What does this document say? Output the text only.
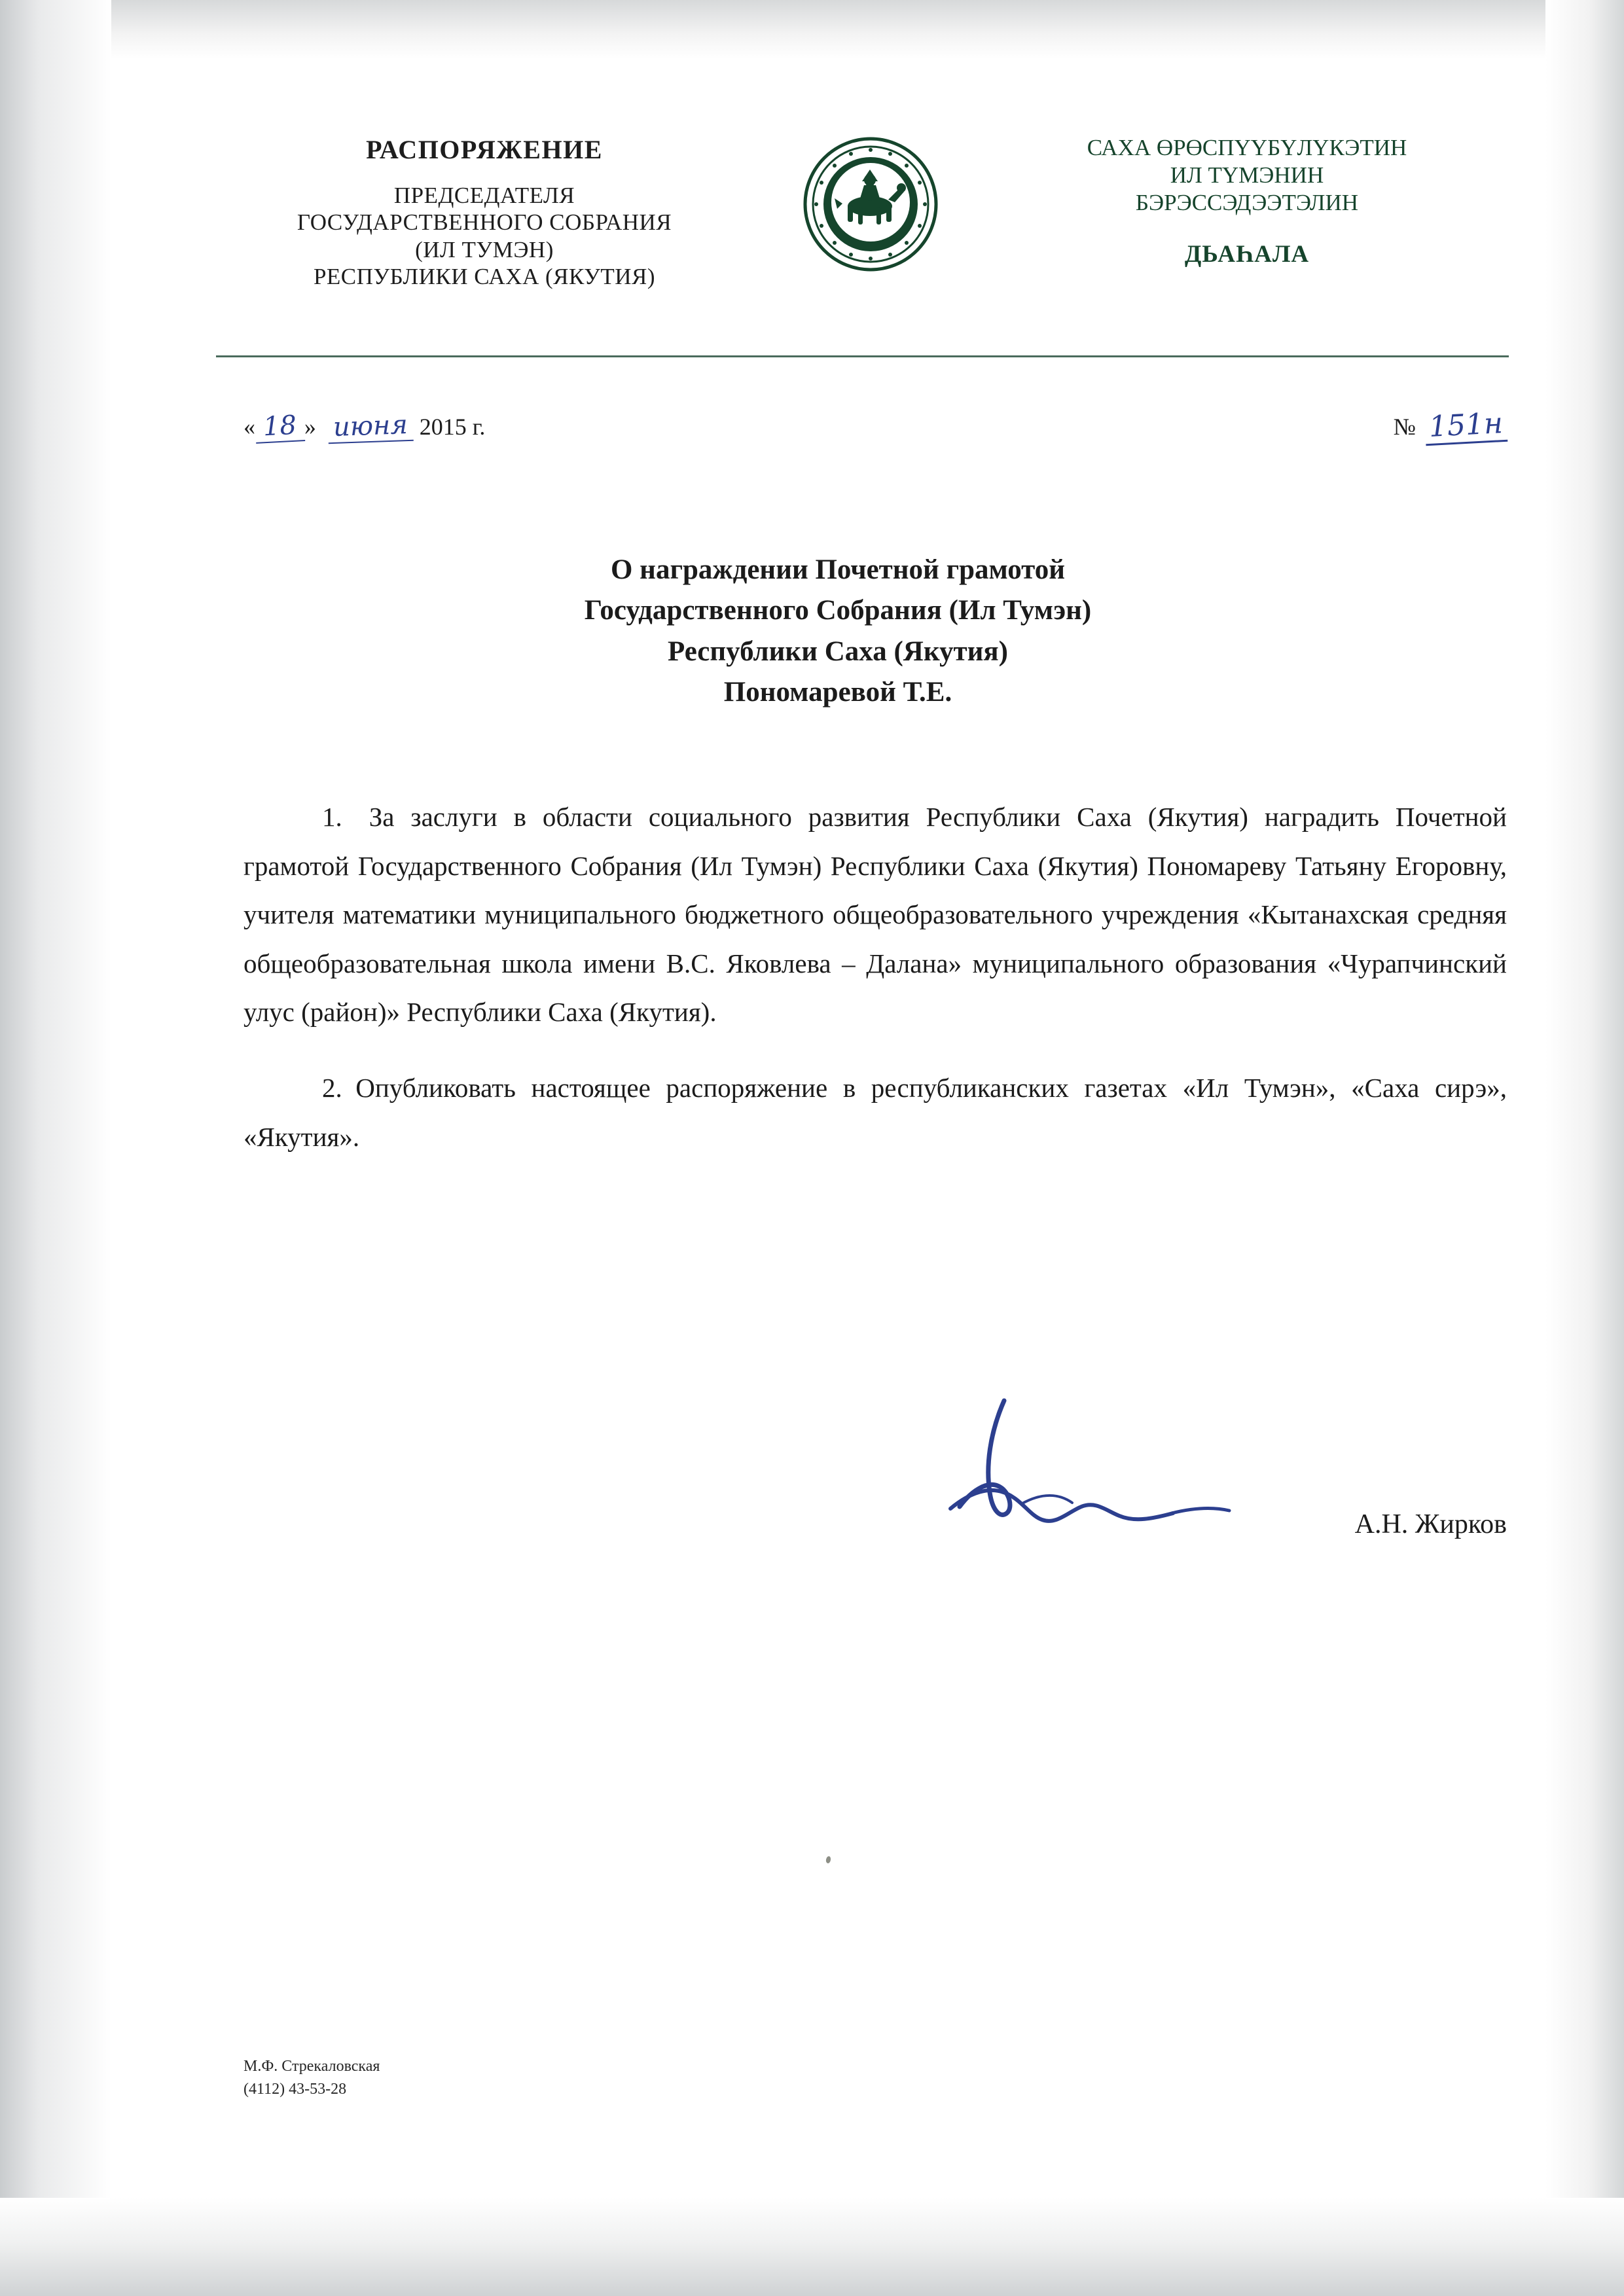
РАСПОРЯЖЕНИЕ
ПРЕДСЕДАТЕЛЯ
ГОСУДАРСТВЕННОГО СОБРАНИЯ
(ИЛ ТУМЭН)
РЕСПУБЛИКИ САХА (ЯКУТИЯ)
САХА ӨРӨСПҮҮБҮЛҮКЭТИН
ИЛ ТҮМЭНИН
БЭРЭССЭДЭЭТЭЛИН
ДЬАҺАЛА
« 18 » июня 2015 г.	№ 151н
О награждении Почетной грамотой
Государственного Собрания (Ил Тумэн)
Республики Саха (Якутия)
Пономаревой Т.Е.

1. За заслуги в области социального развития Республики Саха (Якутия) наградить Почетной грамотой Государственного Собрания (Ил Тумэн) Республики Саха (Якутия) Пономареву Татьяну Егоровну, учителя математики муниципального бюджетного общеобразовательного учреждения «Кытанахская средняя общеобразовательная школа имени В.С. Яковлева – Далана» муниципального образования «Чурапчинский улус (район)» Республики Саха (Якутия).

2. Опубликовать настоящее распоряжение в республиканских газетах «Ил Тумэн», «Саха сирэ», «Якутия».

А.Н. Жирков
М.Ф. Стрекаловская
(4112) 43-53-28
